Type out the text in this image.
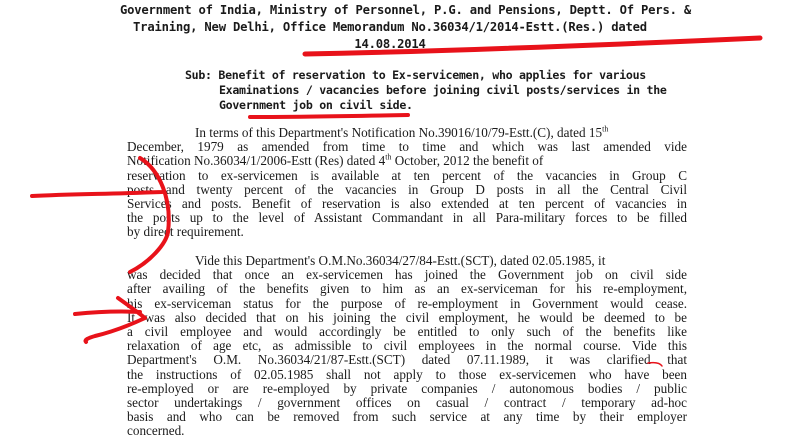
Government of India, Ministry of Personnel, P.G. and Pensions, Deptt. Of Pers. &
Training, New Delhi, Office Memorandum No.36034/1/2014-Estt.(Res.) dated
14.08.2014
Sub: Benefit of reservation to Ex-servicemen, who applies for various
Examinations / vacancies before joining civil posts/services in the
Government job on civil side.
In terms of this Department's Notification No.39016/10/79-Estt.(C), dated 15th
December, 1979 as amended from time to time and which was last amended vide
Notification No.36034/1/2006-Estt (Res) dated 4th October, 2012 the benefit of
reservation to ex-servicemen is available at ten percent of the vacancies in Group C
posts and twenty percent of the vacancies in Group D posts in all the Central Civil
Services and posts. Benefit of reservation is also extended at ten percent of vacancies in
the posts up to the level of Assistant Commandant in all Para-military forces to be filled
by direct requirement.
Vide this Department's O.M.No.36034/27/84-Estt.(SCT), dated 02.05.1985, it
was decided that once an ex-servicemen has joined the Government job on civil side
after availing of the benefits given to him as an ex-serviceman for his re-employment,
his ex-serviceman status for the purpose of re-employment in Government would cease.
It was also decided that on his joining the civil employment, he would be deemed to be
a civil employee and would accordingly be entitled to only such of the benefits like
relaxation of age etc, as admissible to civil employees in the normal course. Vide this
Department's O.M. No.36034/21/87-Estt.(SCT) dated 07.11.1989, it was clarified that
the instructions of 02.05.1985 shall not apply to those ex-servicemen who have been
re-employed or are re-employed by private companies / autonomous bodies / public
sector undertakings / government offices on casual / contract / temporary ad-hoc
basis and who can be removed from such service at any time by their employer
concerned.
